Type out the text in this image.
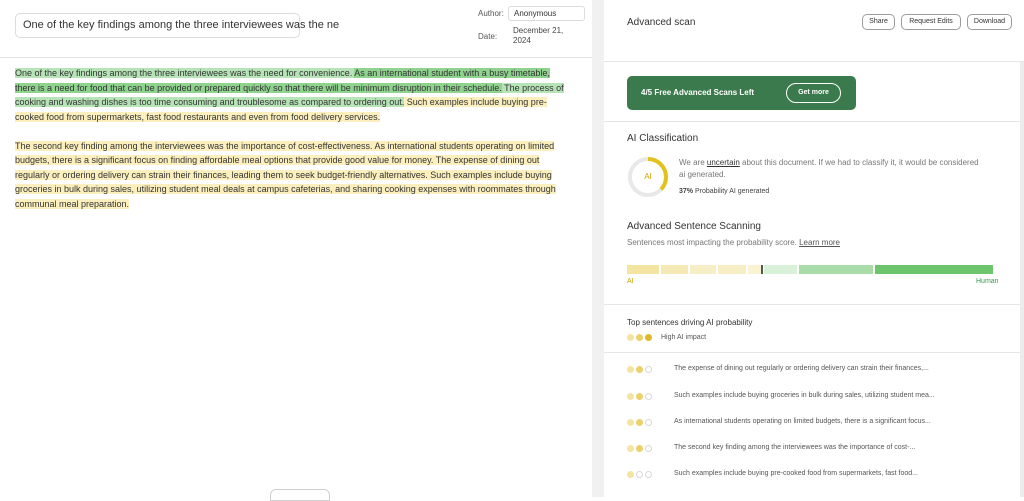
One of the key findings among the three interviewees was the ne
Author:	Anonymous
Date:
December 21, 2024

One of the key findings among the three interviewees was the need for convenience. As an international student with a busy timetable, there is a need for food that can be provided or prepared quickly so that there will be minimum disruption in their schedule. The process of cooking and washing dishes is too time consuming and troublesome as compared to ordering out. Such examples include buying pre-cooked food from supermarkets, fast food restaurants and even from food delivery services.

The second key finding among the interviewees was the importance of cost-effectiveness. As international students operating on limited budgets, there is a significant focus on finding affordable meal options that provide good value for money. The expense of dining out regularly or ordering delivery can strain their finances, leading them to seek budget-friendly alternatives. Such examples include buying groceries in bulk during sales, utilizing student meal deals at campus cafeterias, and sharing cooking expenses with roommates through communal meal preparation.

Advanced scan	Share	Request Edits	Download
4/5 Free Advanced Scans Left	Get more
AI Classification
AI
We are uncertain about this document. If we had to classify it, it would be considered ai generated.
37% Probability AI generated
Advanced Sentence Scanning
Sentences most impacting the probability score. Learn more
AI	Human
Top sentences driving AI probability
High AI impact
The expense of dining out regularly or ordering delivery can strain their finances,...
Such examples include buying groceries in bulk during sales, utilizing student mea...
As international students operating on limited budgets, there is a significant focus...
The second key finding among the interviewees was the importance of cost-...
Such examples include buying pre-cooked food from supermarkets, fast food...
